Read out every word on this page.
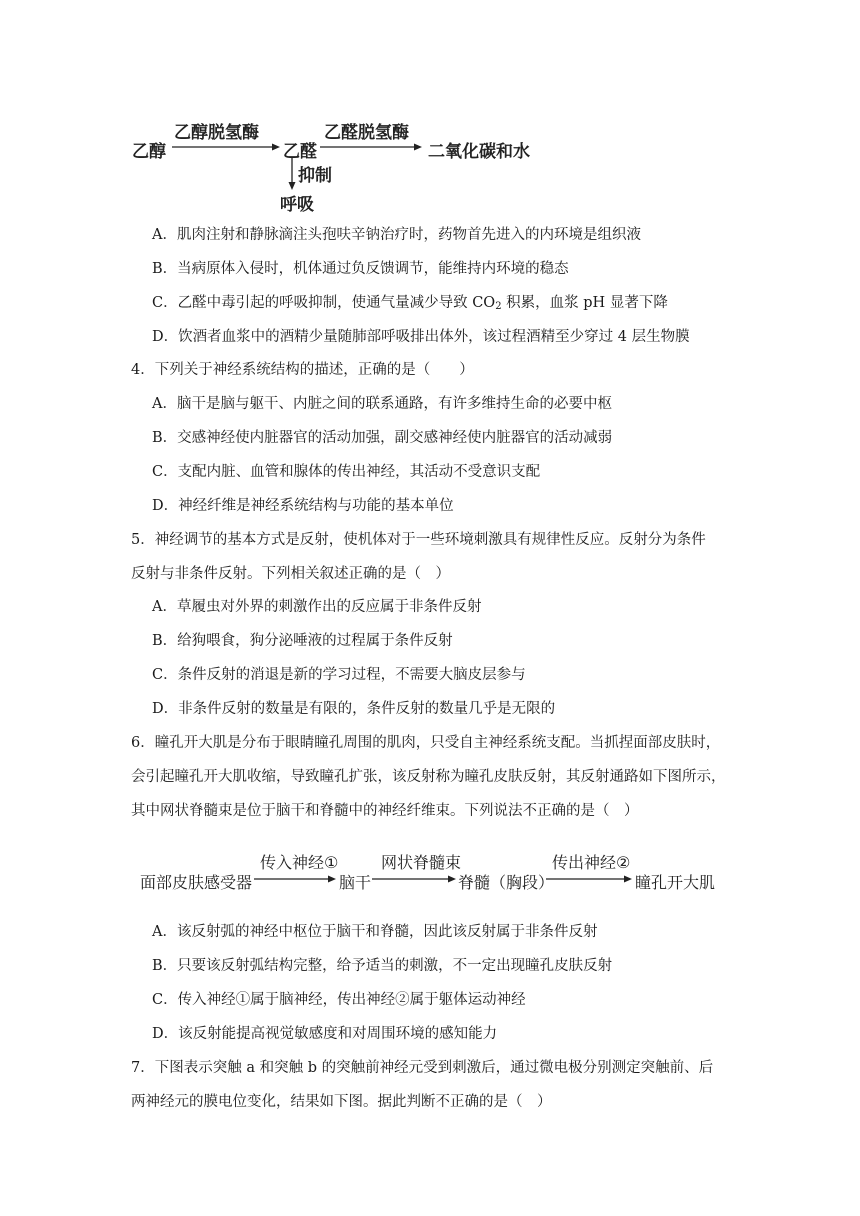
乙醇
乙醇脱氢酶
乙醛
乙醛脱氢酶
二氧化碳和水
抑制
呼吸
A．肌肉注射和静脉滴注头孢呋辛钠治疗时，药物首先进入的内环境是组织液
B．当病原体入侵时，机体通过负反馈调节，能维持内环境的稳态
C．乙醛中毒引起的呼吸抑制，使通气量减少导致 $CO_2$ 积累，血浆 pH 显著下降
D．饮酒者血浆中的酒精少量随肺部呼吸排出体外，该过程酒精至少穿过 4 层生物膜
4．下列关于神经系统结构的描述，正确的是（　　）
A．脑干是脑与躯干、内脏之间的联系通路，有许多维持生命的必要中枢
B．交感神经使内脏器官的活动加强，副交感神经使内脏器官的活动减弱
C．支配内脏、血管和腺体的传出神经，其活动不受意识支配
D．神经纤维是神经系统结构与功能的基本单位
5．神经调节的基本方式是反射，使机体对于一些环境刺激具有规律性反应。反射分为条件
反射与非条件反射。下列相关叙述正确的是（　）
A．草履虫对外界的刺激作出的反应属于非条件反射
B．给狗喂食，狗分泌唾液的过程属于条件反射
C．条件反射的消退是新的学习过程，不需要大脑皮层参与
D．非条件反射的数量是有限的，条件反射的数量几乎是无限的
6．瞳孔开大肌是分布于眼睛瞳孔周围的肌肉，只受自主神经系统支配。当抓捏面部皮肤时，
会引起瞳孔开大肌收缩，导致瞳孔扩张，该反射称为瞳孔皮肤反射，其反射通路如下图所示，
其中网状脊髓束是位于脑干和脊髓中的神经纤维束。下列说法不正确的是（　）
面部皮肤感受器
传入神经①
脑干
网状脊髓束
脊髓（胸段）
传出神经②
瞳孔开大肌
A．该反射弧的神经中枢位于脑干和脊髓，因此该反射属于非条件反射
B．只要该反射弧结构完整，给予适当的刺激，不一定出现瞳孔皮肤反射
C．传入神经①属于脑神经，传出神经②属于躯体运动神经
D．该反射能提高视觉敏感度和对周围环境的感知能力
7．下图表示突触 a 和突触 b 的突触前神经元受到刺激后，通过微电极分别测定突触前、后
两神经元的膜电位变化，结果如下图。据此判断不正确的是（　）
